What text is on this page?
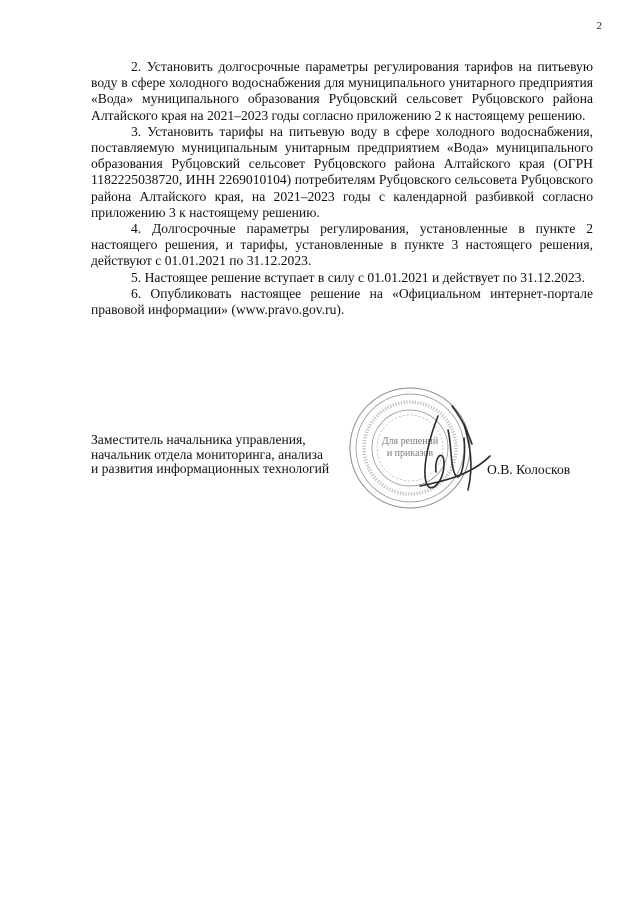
2

2. Установить долгосрочные параметры регулирования тарифов на питьевую воду в сфере холодного водоснабжения для муниципального унитарного предприятия «Вода» муниципального образования Рубцовский сельсовет Рубцовского района Алтайского края на 2021–2023 годы согласно приложению 2 к настоящему решению.

3. Установить тарифы на питьевую воду в сфере холодного водоснабжения, поставляемую муниципальным унитарным предприятием «Вода» муниципального образования Рубцовский сельсовет Рубцовского района Алтайского края (ОГРН 1182225038720, ИНН 2269010104) потребителям Рубцовского сельсовета Рубцовского района Алтайского края, на 2021–2023 годы с календарной разбивкой согласно приложению 3 к настоящему решению.

4. Долгосрочные параметры регулирования, установленные в пункте 2 настоящего решения, и тарифы, установленные в пункте 3 настоящего решения, действуют с 01.01.2021 по 31.12.2023.

5. Настоящее решение вступает в силу с 01.01.2021 и действует по 31.12.2023.

6. Опубликовать настоящее решение на «Официальном интернет-портале правовой информации» (www.pravo.gov.ru).

Для решений
и приказов
Заместитель начальника управления,
начальник отдела мониторинга, анализа
и развития информационных технологий	О.В. Колосков
